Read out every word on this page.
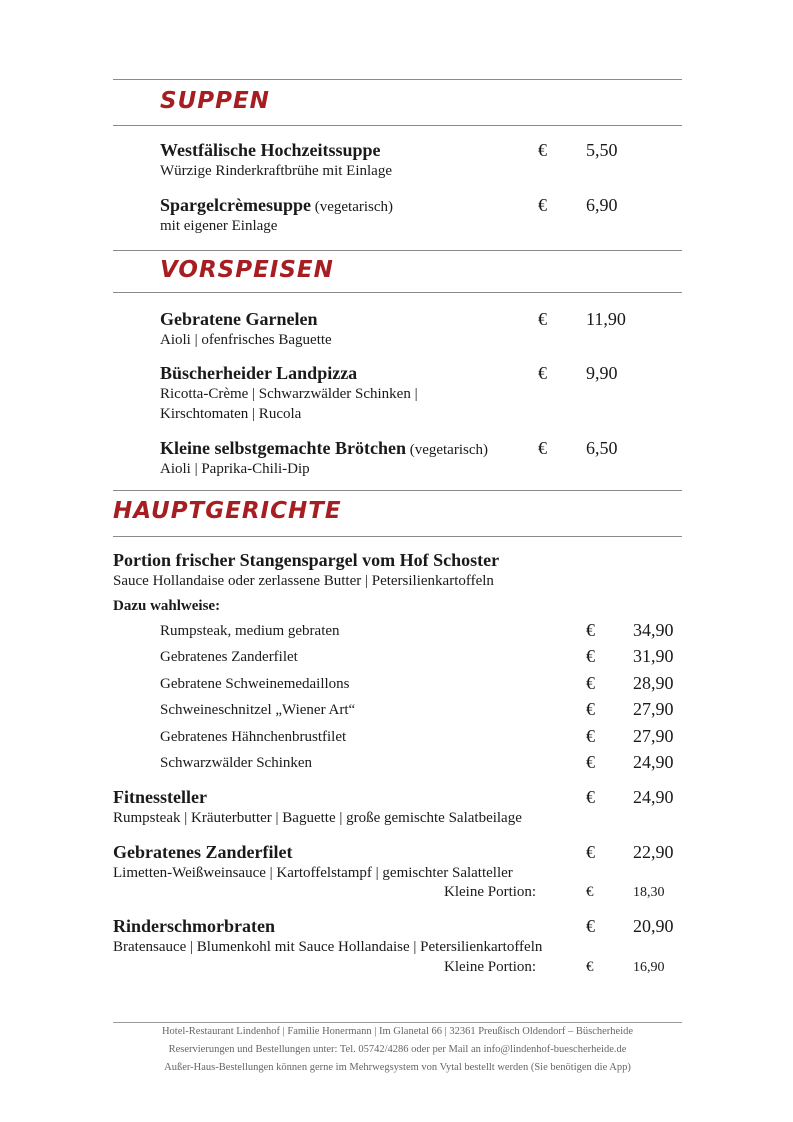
SUPPEN
Westfälische Hochzeitssuppe	€ 5,50
Würzige Rinderkraftbrühe mit Einlage
Spargelcrèmesuppe (vegetarisch)	€ 6,90
mit eigener Einlage
VORSPEISEN
Gebratene Garnelen	€ 11,90
Aioli | ofenfrisches Baguette
Büscherheider Landpizza	€ 9,90
Ricotta-Crème | Schwarzwälder Schinken |
Kirschtomaten | Rucola
Kleine selbstgemachte Brötchen (vegetarisch)	€ 6,50
Aioli | Paprika-Chili-Dip
HAUPTGERICHTE
Portion frischer Stangenspargel vom Hof Schoster
Sauce Hollandaise oder zerlassene Butter | Petersilienkartoffeln
Dazu wahlweise:
Rumpsteak, medium gebraten	€ 34,90
Gebratenes Zanderfilet	€ 31,90
Gebratene Schweinemedaillons	€ 28,90
Schweineschnitzel „Wiener Art“	€ 27,90
Gebratenes Hähnchenbrustfilet	€ 27,90
Schwarzwälder Schinken	€ 24,90
Fitnessteller	€ 24,90
Rumpsteak | Kräuterbutter | Baguette | große gemischte Salatbeilage
Gebratenes Zanderfilet	€ 22,90
Limetten-Weißweinsauce | Kartoffelstampf | gemischter Salatteller
Kleine Portion:	€	18,30
Rinderschmorbraten	€ 20,90
Bratensauce | Blumenkohl mit Sauce Hollandaise | Petersilienkartoffeln
Kleine Portion:	€	16,90
Hotel-Restaurant Lindenhof | Familie Honermann | Im Glanetal 66 | 32361 Preußisch Oldendorf – Büscherheide
Reservierungen und Bestellungen unter: Tel. 05742/4286 oder per Mail an info@lindenhof-buescherheide.de
Außer-Haus-Bestellungen können gerne im Mehrwegsystem von Vytal bestellt werden (Sie benötigen die App)
